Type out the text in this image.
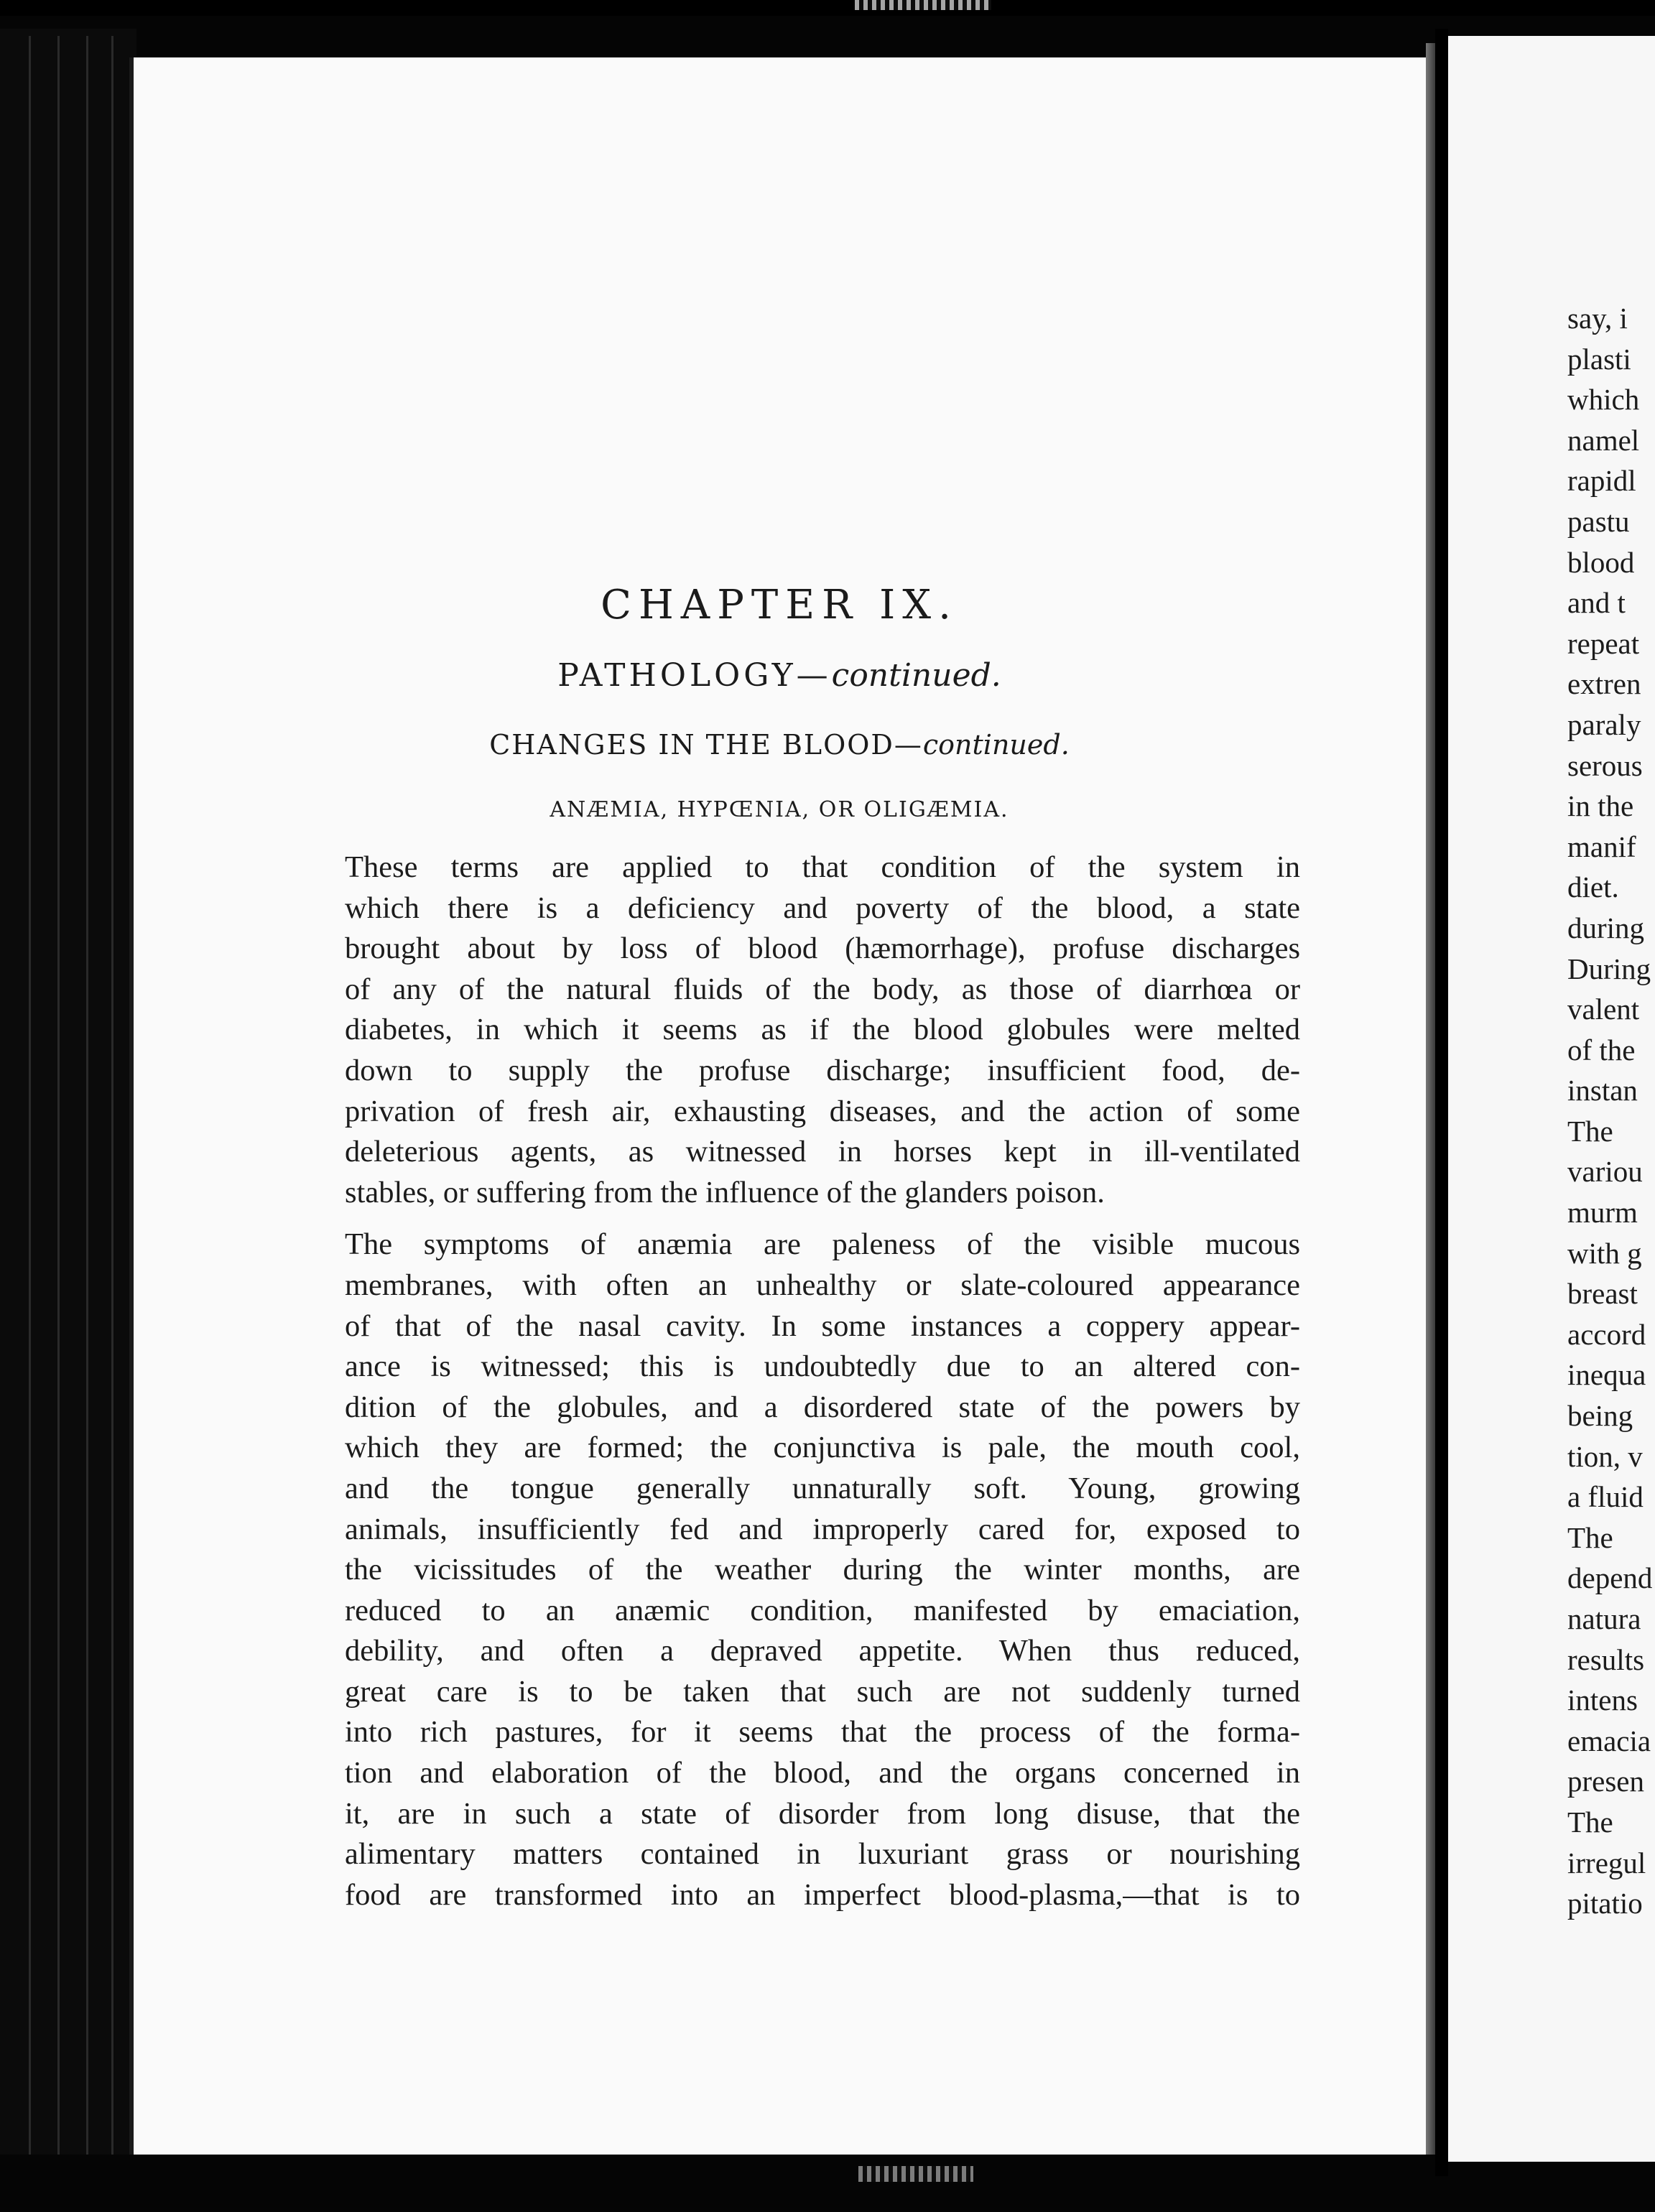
CHAPTER IX.
PATHOLOGY—continued.
CHANGES IN THE BLOOD—continued.
ANÆMIA, HYPŒNIA, OR OLIGÆMIA.
These terms are applied to that condition of the system in
which there is a deficiency and poverty of the blood, a state
brought about by loss of blood (hæmorrhage), profuse discharges
of any of the natural fluids of the body, as those of diarrhœa or
diabetes, in which it seems as if the blood globules were melted
down to supply the profuse discharge; insufficient food, de-
privation of fresh air, exhausting diseases, and the action of some
deleterious agents, as witnessed in horses kept in ill-ventilated
stables, or suffering from the influence of the glanders poison.
The symptoms of anæmia are paleness of the visible mucous
membranes, with often an unhealthy or slate-coloured appearance
of that of the nasal cavity. In some instances a coppery appear-
ance is witnessed; this is undoubtedly due to an altered con-
dition of the globules, and a disordered state of the powers by
which they are formed; the conjunctiva is pale, the mouth cool,
and the tongue generally unnaturally soft. Young, growing
animals, insufficiently fed and improperly cared for, exposed to
the vicissitudes of the weather during the winter months, are
reduced to an anæmic condition, manifested by emaciation,
debility, and often a depraved appetite. When thus reduced,
great care is to be taken that such are not suddenly turned
into rich pastures, for it seems that the process of the forma-
tion and elaboration of the blood, and the organs concerned in
it, are in such a state of disorder from long disuse, that the
alimentary matters contained in luxuriant grass or nourishing
food are transformed into an imperfect blood-plasma,—that is to
say, i
plasti
which
namel
rapidl
pastu
blood
and t
repeat
extren
paraly
serous
in the
manif
diet.
during
During
valent
of the
instan
The
variou
murm
with g
breast
accord
inequa
being
tion, v
a fluid
The
depend
natura
results
intens
emacia
presen
The
irregul
pitatio
